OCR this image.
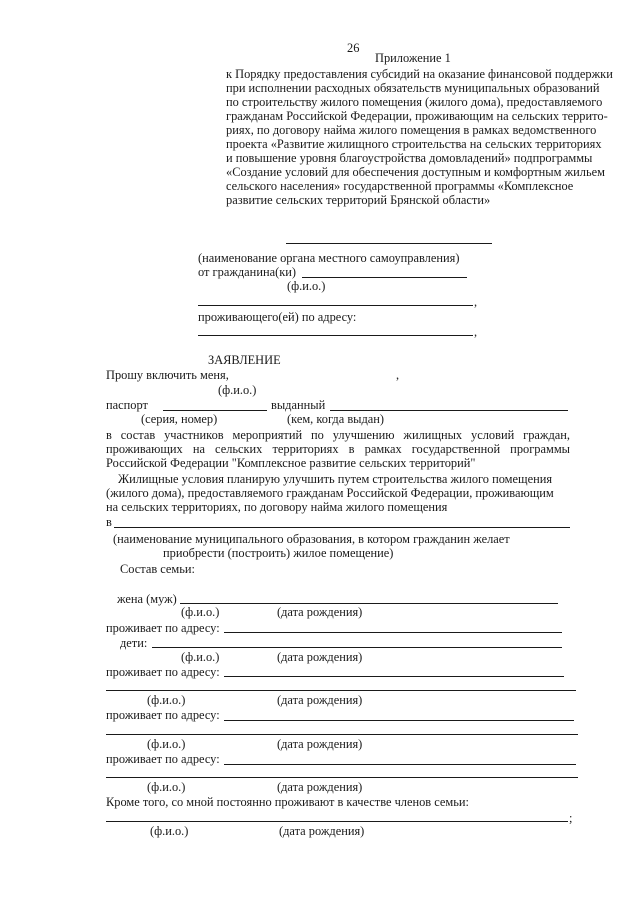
26
Приложение 1
к Порядку предоставления субсидий на оказание финансовой поддержки
при исполнении расходных обязательств муниципальных образований
по строительству жилого помещения (жилого дома), предоставляемого
гражданам Российской Федерации, проживающим на сельских террито-
риях, по договору найма жилого помещения в рамках ведомственного
проекта «Развитие жилищного строительства на сельских территориях
и повышение уровня благоустройства домовладений» подпрограммы
«Создание условий для обеспечения доступным и комфортным жильем
сельского населения» государственной программы «Комплексное
развитие сельских территорий Брянской области»
(наименование органа местного самоуправления)
от гражданина(ки)
(ф.и.о.)
,
проживающего(ей) по адресу:
,
ЗАЯВЛЕНИЕ
Прошу включить меня,	,
(ф.и.о.)
паспорт	выданный
(серия, номер)	(кем, когда выдан)
в состав участников мероприятий по улучшению жилищных условий граждан,
проживающих на сельских территориях в рамках государственной программы
Российской Федерации "Комплексное развитие сельских территорий"
Жилищные условия планирую улучшить путем строительства жилого помещения
(жилого дома), предоставляемого гражданам Российской Федерации, проживающим
на сельских территориях, по договору найма жилого помещения
в
(наименование муниципального образования, в котором гражданин желает
приобрести (построить) жилое помещение)
Состав семьи:
жена (муж)
(ф.и.о.)	(дата рождения)
проживает по адресу:
дети:
(ф.и.о.)	(дата рождения)
проживает по адресу:
(ф.и.о.)	(дата рождения)
проживает по адресу:
(ф.и.о.)	(дата рождения)
проживает по адресу:
(ф.и.о.)	(дата рождения)
Кроме того, со мной постоянно проживают в качестве членов семьи:
;
(ф.и.о.)	(дата рождения)
